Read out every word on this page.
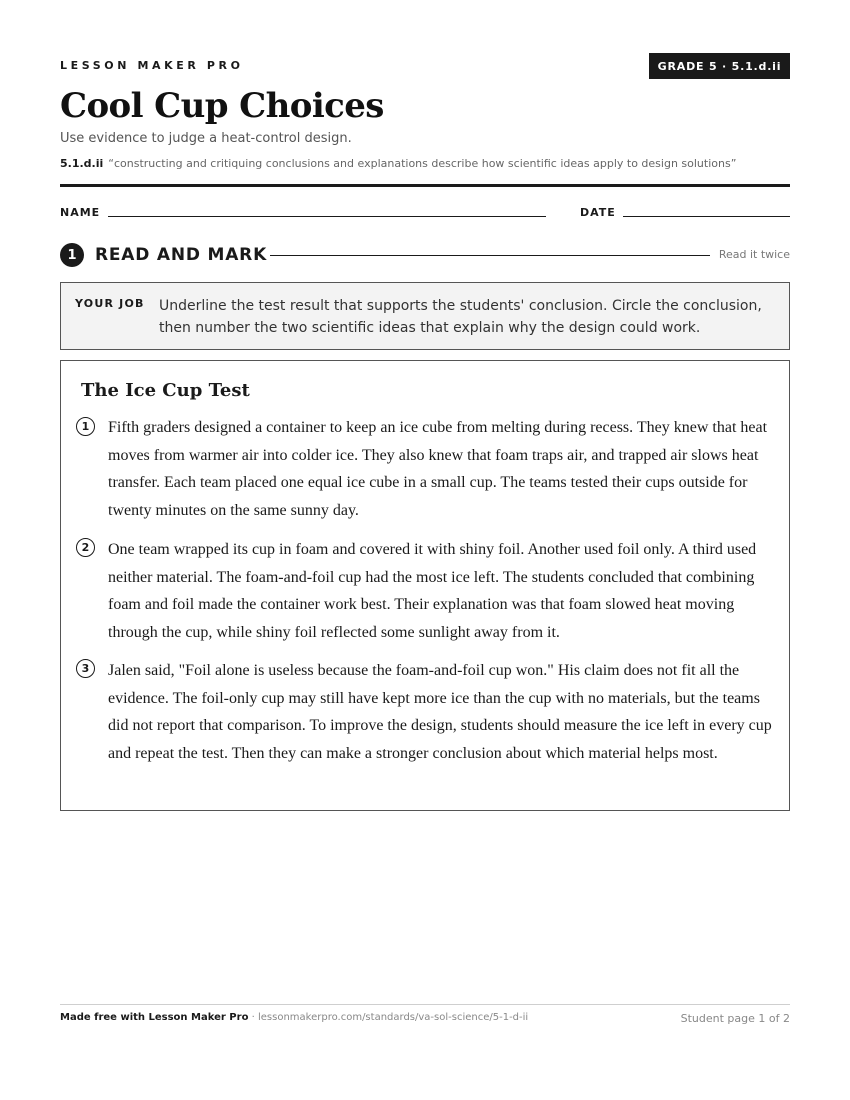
LESSON MAKER PRO	GRADE 5 · 5.1.d.ii
Cool Cup Choices
Use evidence to judge a heat-control design.
5.1.d.ii “constructing and critiquing conclusions and explanations describe how scientific ideas apply to design solutions”
NAME	DATE
1	READ AND MARK	Read it twice
YOUR JOB Underline the test result that supports the students' conclusion. Circle the conclusion, then number the two scientific ideas that explain why the design could work.
The Ice Cup Test
1	Fifth graders designed a container to keep an ice cube from melting during recess. They knew that heat moves from warmer air into colder ice. They also knew that foam traps air, and trapped air slows heat transfer. Each team placed one equal ice cube in a small cup. The teams tested their cups outside for twenty minutes on the same sunny day.
2	One team wrapped its cup in foam and covered it with shiny foil. Another used foil only. A third used neither material. The foam-and-foil cup had the most ice left. The students concluded that combining foam and foil made the container work best. Their explanation was that foam slowed heat moving through the cup, while shiny foil reflected some sunlight away from it.
3	Jalen said, "Foil alone is useless because the foam-and-foil cup won." His claim does not fit all the evidence. The foil-only cup may still have kept more ice than the cup with no materials, but the teams did not report that comparison. To improve the design, students should measure the ice left in every cup and repeat the test. Then they can make a stronger conclusion about which material helps most.
Made free with Lesson Maker Pro · lessonmakerpro.com/standards/va-sol-science/5-1-d-ii	Student page 1 of 2
